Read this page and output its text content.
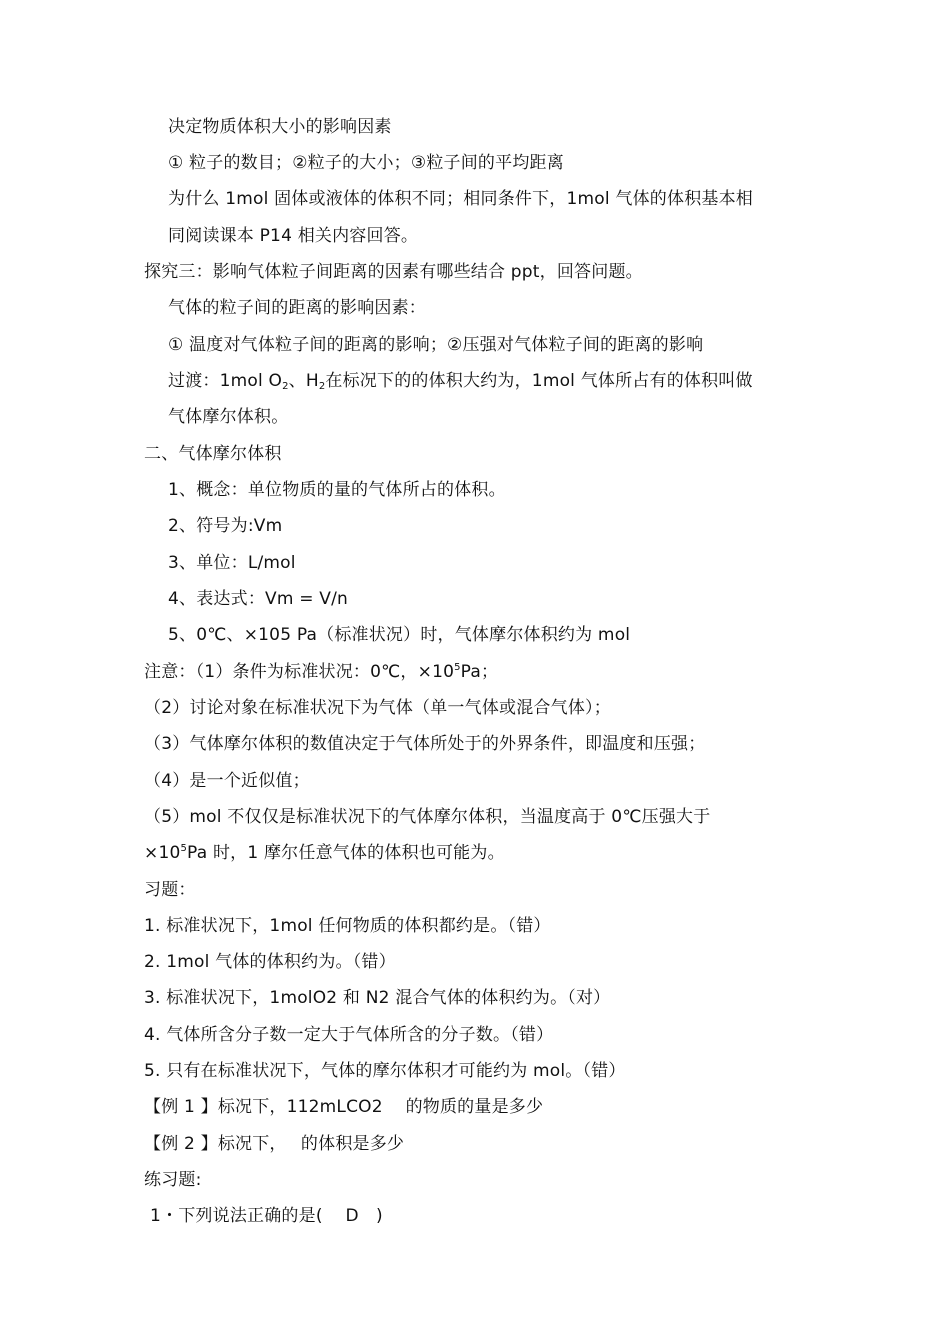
决定物质体积大小的影响因素
① 粒子的数目；②粒子的大小；③粒子间的平均距离
为什么 1mol 固体或液体的体积不同；相同条件下，1mol 气体的体积基本相
同阅读课本 P14 相关内容回答。
探究三：影响气体粒子间距离的因素有哪些结合 ppt，回答问题。
气体的粒子间的距离的影响因素：
① 温度对气体粒子间的距离的影响；②压强对气体粒子间的距离的影响
过渡：1mol $O_2$、$H_2$在标况下的的体积大约为，1mol 气体所占有的体积叫做
气体摩尔体积。
二、气体摩尔体积
1、概念：单位物质的量的气体所占的体积。
2、符号为:Vm
3、单位：L/mol
4、表达式：Vm = V/n
5、0℃、×105 Pa（标准状况）时，气体摩尔体积约为 mol
注意：（1）条件为标准状况：0℃，$\times 10^5Pa$；
（2）讨论对象在标准状况下为气体（单一气体或混合气体）；
（3）气体摩尔体积的数值决定于气体所处于的外界条件，即温度和压强；
（4）是一个近似值；
（5）mol 不仅仅是标准状况下的气体摩尔体积，当温度高于 0℃压强大于
$\times 10^5Pa$ 时，1 摩尔任意气体的体积也可能为。
习题：
1. 标准状况下，1mol 任何物质的体积都约是。（错）
2. 1mol 气体的体积约为。（错）
3. 标准状况下，1molO2 和 N2 混合气体的体积约为。（对）
4. 气体所含分子数一定大于气体所含的分子数。（错）
5. 只有在标准状况下，气体的摩尔体积才可能约为 mol。（错）
【例 1 】标况下，112mLCO2　 的物质的量是多少
【例 2 】标况下，　 的体积是多少
练习题:
1・下列说法正确的是(　 D　)
